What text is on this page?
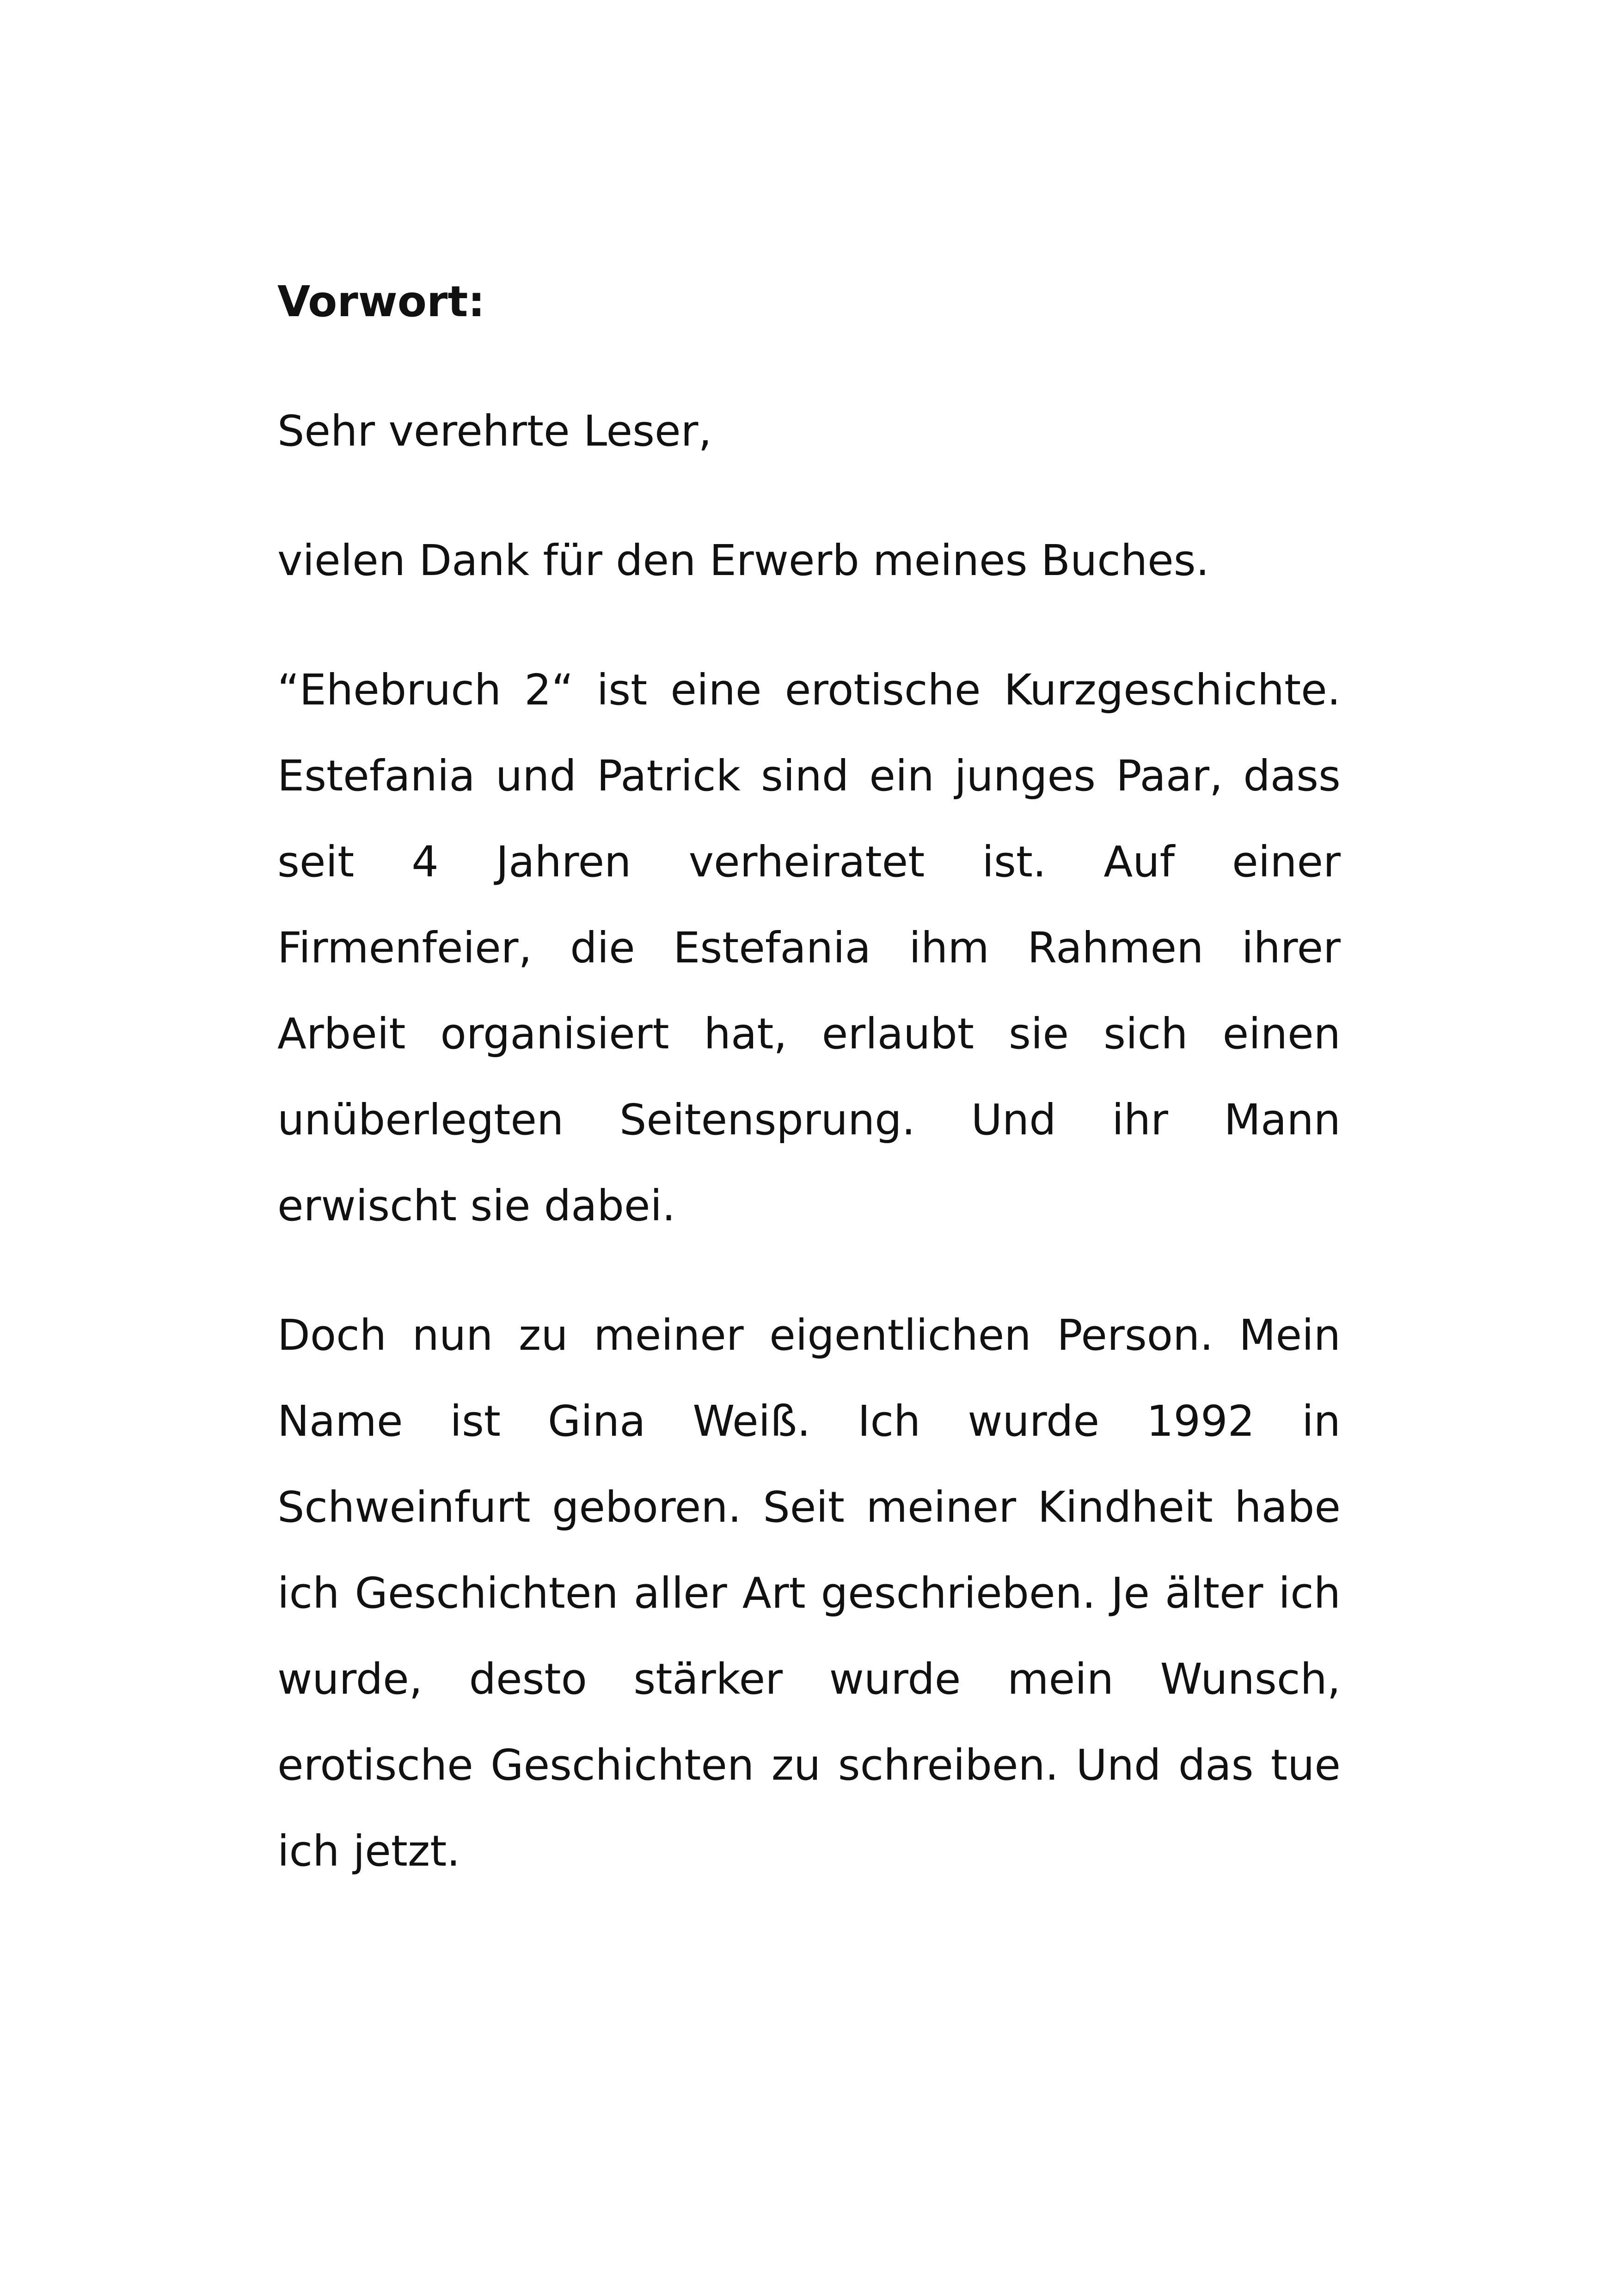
Vorwort:

Sehr verehrte Leser,

vielen Dank für den Erwerb meines Buches.

“Ehebruch 2“ ist eine erotische Kurzgeschichte. Estefania und Patrick sind ein junges Paar, dass seit 4 Jahren verheiratet ist. Auf einer Firmenfeier, die Estefania ihm Rahmen ihrer Arbeit organisiert hat, erlaubt sie sich einen unüberlegten Seitensprung. Und ihr Mann erwischt sie dabei.

Doch nun zu meiner eigentlichen Person. Mein Name ist Gina Weiß. Ich wurde 1992 in Schweinfurt geboren. Seit meiner Kindheit habe ich Geschichten aller Art geschrieben. Je älter ich wurde, desto stärker wurde mein Wunsch, erotische Geschichten zu schreiben. Und das tue ich jetzt.
